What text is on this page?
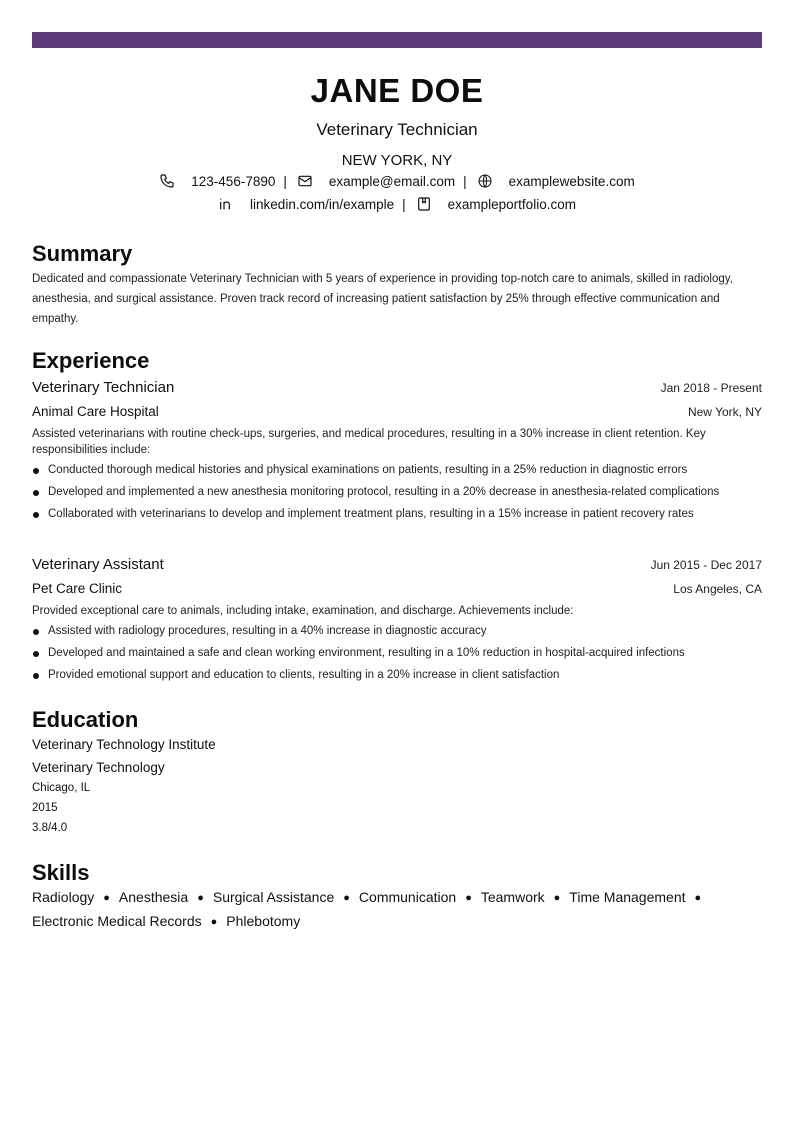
JANE DOE
Veterinary Technician
NEW YORK, NY
123-456-7890 |	example@email.com |	examplewebsite.com
linkedin.com/in/example |	exampleportfolio.com
Summary
Dedicated and compassionate Veterinary Technician with 5 years of experience in providing top-notch care to animals, skilled in radiology, anesthesia, and surgical assistance. Proven track record of increasing patient satisfaction by 25% through effective communication and empathy.
Experience
Veterinary Technician	Jan 2018 - Present
Animal Care Hospital	New York, NY
Assisted veterinarians with routine check-ups, surgeries, and medical procedures, resulting in a 30% increase in client retention. Key responsibilities include:
Conducted thorough medical histories and physical examinations on patients, resulting in a 25% reduction in diagnostic errors
Developed and implemented a new anesthesia monitoring protocol, resulting in a 20% decrease in anesthesia-related complications
Collaborated with veterinarians to develop and implement treatment plans, resulting in a 15% increase in patient recovery rates
Veterinary Assistant	Jun 2015 - Dec 2017
Pet Care Clinic	Los Angeles, CA
Provided exceptional care to animals, including intake, examination, and discharge. Achievements include:
Assisted with radiology procedures, resulting in a 40% increase in diagnostic accuracy
Developed and maintained a safe and clean working environment, resulting in a 10% reduction in hospital-acquired infections
Provided emotional support and education to clients, resulting in a 20% increase in client satisfaction
Education
Veterinary Technology Institute
Veterinary Technology
Chicago, IL
2015
3.8/4.0
Skills
Radiology ● Anesthesia ● Surgical Assistance ● Communication ● Teamwork ● Time Management ● Electronic Medical Records ● Phlebotomy
